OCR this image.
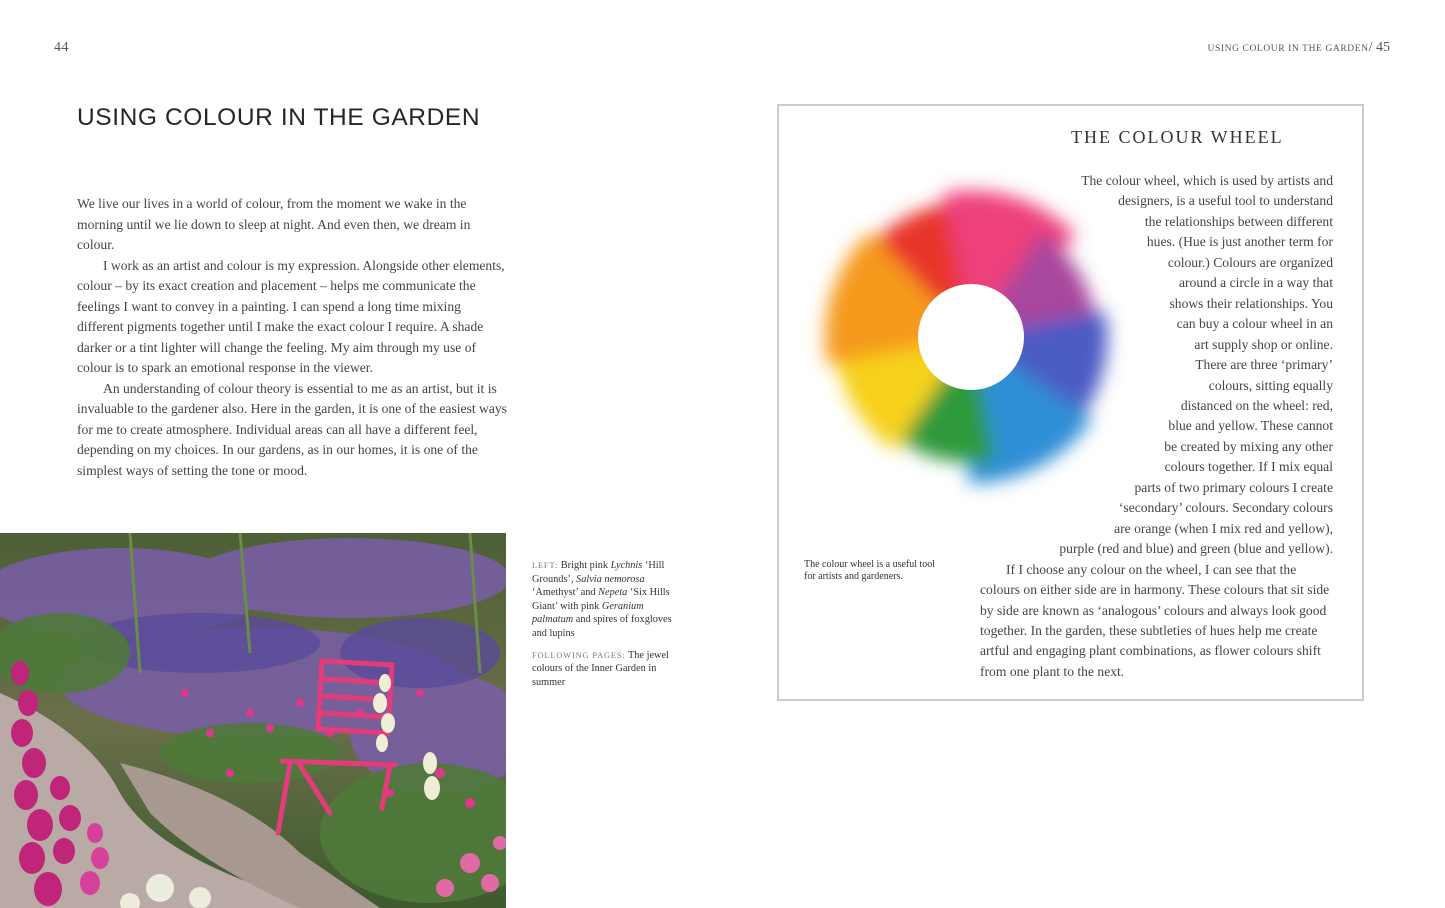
44	USING COLOUR IN THE GARDEN/ 45
USING COLOUR IN THE GARDEN

We live our lives in a world of colour, from the moment we wake in the morning until we lie down to sleep at night. And even then, we dream in colour.

I work as an artist and colour is my expression. Alongside other elements, colour – by its exact creation and placement – helps me communicate the feelings I want to convey in a painting. I can spend a long time mixing different pigments together until I make the exact colour I require. A shade darker or a tint lighter will change the feeling. My aim through my use of colour is to spark an emotional response in the viewer.

An understanding of colour theory is essential to me as an artist, but it is invaluable to the gardener also. Here in the garden, it is one of the easiest ways for me to create atmosphere. Individual areas can all have a different feel, depending on my choices. In our gardens, as in our homes, it is one of the simplest ways of setting the tone or mood.

LEFT: Bright pink Lychnis ‘Hill Grounds’, Salvia nemorosa ‘Amethyst’ and Nepeta ‘Six Hills Giant’ with pink Geranium palmatum and spires of foxgloves and lupins

FOLLOWING PAGES: The jewel colours of the Inner Garden in summer

THE COLOUR WHEEL
The colour wheel is a useful tool for artists and gardeners.
The colour wheel, which is used by artists and
designers, is a useful tool to understand
the relationships between different
hues. (Hue is just another term for
colour.) Colours are organized
around a circle in a way that
shows their relationships. You
can buy a colour wheel in an
art supply shop or online.
There are three ‘primary’
colours, sitting equally
distanced on the wheel: red,
blue and yellow. These cannot
be created by mixing any other
colours together. If I mix equal
parts of two primary colours I create
‘secondary’ colours. Secondary colours
are orange (when I mix red and yellow),
purple (red and blue) and green (blue and yellow).
If I choose any colour on the wheel, I can see that the
colours on either side are in harmony. These colours that sit side
by side are known as ‘analogous’ colours and always look good
together. In the garden, these subtleties of hues help me create
artful and engaging plant combinations, as flower colours shift
from one plant to the next.
